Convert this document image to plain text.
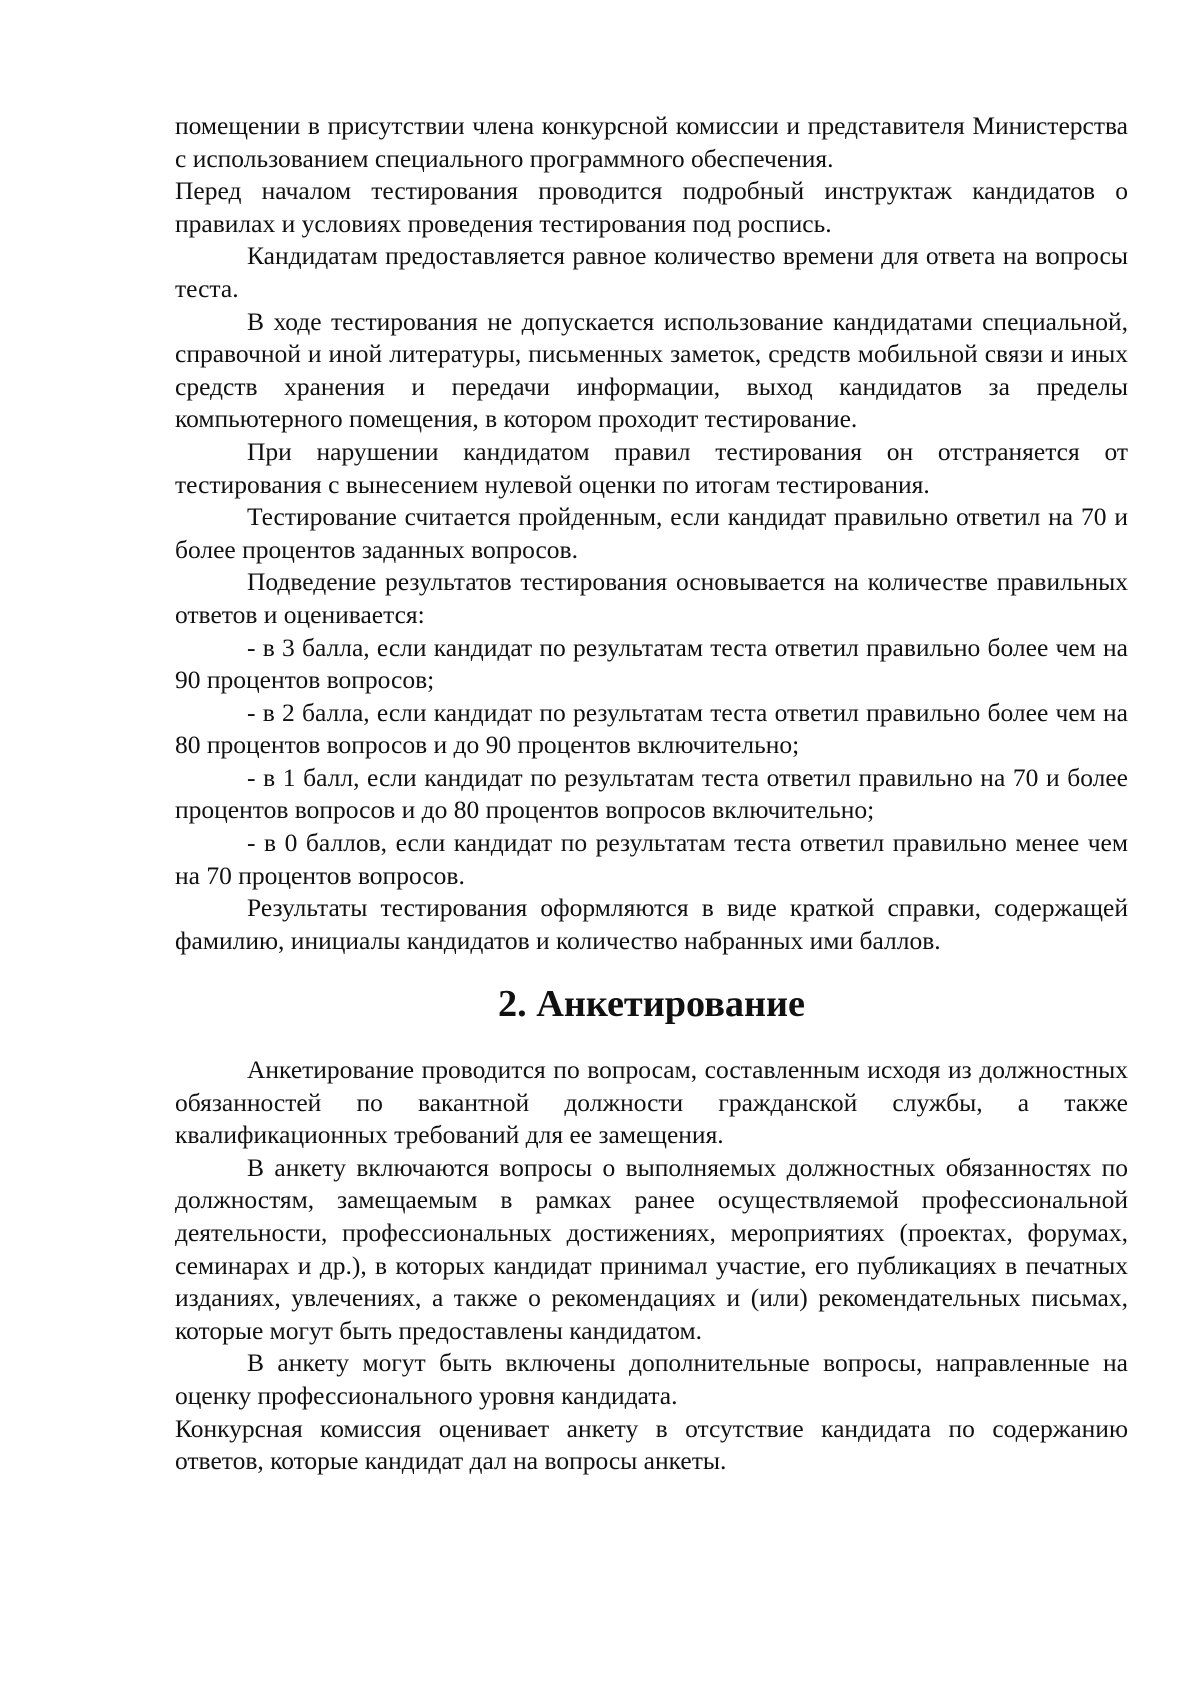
помещении в присутствии члена конкурсной комиссии и представителя Министерства с использованием специального программного обеспечения.

Перед началом тестирования проводится подробный инструктаж кандидатов о правилах и условиях проведения тестирования под роспись.

Кандидатам предоставляется равное количество времени для ответа на вопросы теста.

В ходе тестирования не допускается использование кандидатами специальной, справочной и иной литературы, письменных заметок, средств мобильной связи и иных средств хранения и передачи информации, выход кандидатов за пределы компьютерного помещения, в котором проходит тестирование.

При нарушении кандидатом правил тестирования он отстраняется от тестирования с вынесением нулевой оценки по итогам тестирования.

Тестирование считается пройденным, если кандидат правильно ответил на 70 и более процентов заданных вопросов.

Подведение результатов тестирования основывается на количестве правильных ответов и оценивается:

- в 3 балла, если кандидат по результатам теста ответил правильно более чем на 90 процентов вопросов;

- в 2 балла, если кандидат по результатам теста ответил правильно более чем на 80 процентов вопросов и до 90 процентов включительно;

- в 1 балл, если кандидат по результатам теста ответил правильно на 70 и более процентов вопросов и до 80 процентов вопросов включительно;

- в 0 баллов, если кандидат по результатам теста ответил правильно менее чем на 70 процентов вопросов.

Результаты тестирования оформляются в виде краткой справки, содержащей фамилию, инициалы кандидатов и количество набранных ими баллов.

2. Анкетирование

Анкетирование проводится по вопросам, составленным исходя из должностных обязанностей по вакантной должности гражданской службы, а также квалификационных требований для ее замещения.

В анкету включаются вопросы о выполняемых должностных обязанностях по должностям, замещаемым в рамках ранее осуществляемой профессиональной деятельности, профессиональных достижениях, мероприятиях (проектах, форумах, семинарах и др.), в которых кандидат принимал участие, его публикациях в печатных изданиях, увлечениях, а также о рекомендациях и (или) рекомендательных письмах, которые могут быть предоставлены кандидатом.

В анкету могут быть включены дополнительные вопросы, направленные на оценку профессионального уровня кандидата.

Конкурсная комиссия оценивает анкету в отсутствие кандидата по содержанию ответов, которые кандидат дал на вопросы анкеты.
